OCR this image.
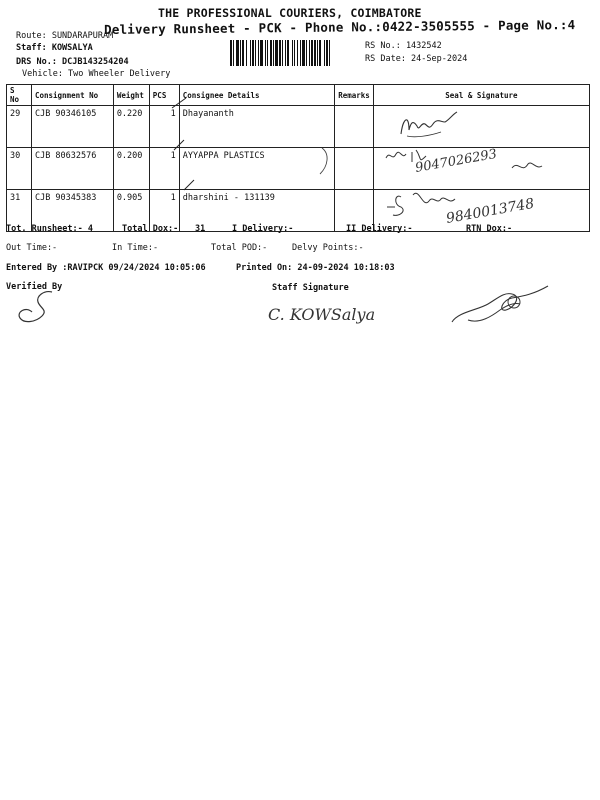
THE PROFESSIONAL COURIERS, COIMBATORE
Delivery Runsheet - PCK - Phone No.:0422-3505555 - Page No.:4
Route: SUNDARAPURAM
Staff: KOWSALYA
DRS No.: DCJB143254204
Vehicle: Two Wheeler Delivery
RS No.: 1432542
RS Date: 24-Sep-2024
S No	Consignment No	Weight	PCS	Consignee Details	Remarks	Seal & Signature
29	CJB 90346105	0.220	1	Dhayananth		
30	CJB 80632576	0.200	1	AYYAPPA PLASTICS		
31	CJB 90345383	0.905	1	dharshini - 131139		
Tot. Runsheet:- 4	Total Dox:- 31	I Delivery:-	II Delivery:-	RTN Dox:-
Out Time:-	In Time:-	Total POD:-	Delvy Points:-
Entered By :RAVIPCK 09/24/2024 10:05:06	Printed On: 24-09-2024 10:18:03
Verified By	Staff Signature
9047026293
9840013748
C. KOWSalya
